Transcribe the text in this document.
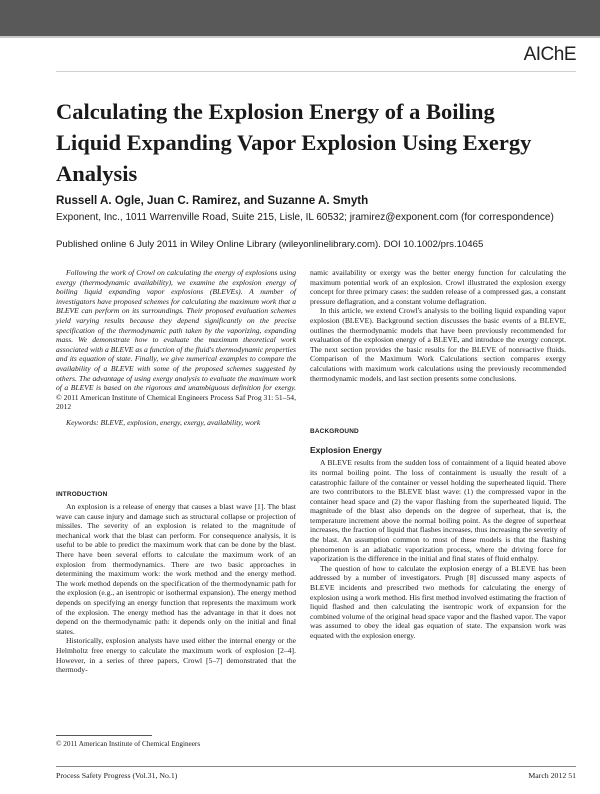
AIChE
Calculating the Explosion Energy of a Boiling Liquid Expanding Vapor Explosion Using Exergy Analysis
Russell A. Ogle, Juan C. Ramirez, and Suzanne A. Smyth
Exponent, Inc., 1011 Warrenville Road, Suite 215, Lisle, IL 60532; jramirez@exponent.com (for correspondence)
Published online 6 July 2011 in Wiley Online Library (wileyonlinelibrary.com). DOI 10.1002/prs.10465

Following the work of Crowl on calculating the energy of explosions using exergy (thermodynamic availability), we examine the explosion energy of boiling liquid expanding vapor explosions (BLEVEs). A number of investigators have proposed schemes for calculating the maximum work that a BLEVE can perform on its surroundings. Their proposed evaluation schemes yield varying results because they depend significantly on the precise specification of the thermodynamic path taken by the vaporizing, expanding mass. We demonstrate how to evaluate the maximum theoretical work associated with a BLEVE as a function of the fluid's thermodynamic properties and its equation of state. Finally, we give numerical examples to compare the availability of a BLEVE with some of the proposed schemes suggested by others. The advantage of using exergy analysis to evaluate the maximum work of a BLEVE is based on the rigorous and unambiguous definition for exergy. © 2011 American Institute of Chemical Engineers Process Saf Prog 31: 51–54, 2012

Keywords: BLEVE, explosion, energy, exergy, availability, work

INTRODUCTION

An explosion is a release of energy that causes a blast wave [1]. The blast wave can cause injury and damage such as structural collapse or projection of missiles. The severity of an explosion is related to the magnitude of mechanical work that the blast can perform. For consequence analysis, it is useful to be able to predict the maximum work that can be done by the blast. There have been several efforts to calculate the maximum work of an explosion from thermodynamics. There are two basic approaches in determining the maximum work: the work method and the energy method. The work method depends on the specification of the thermodynamic path for the explosion (e.g., an isentropic or isothermal expansion). The energy method depends on specifying an energy function that represents the maximum work of the explosion. The energy method has the advantage in that it does not depend on the thermodynamic path: it depends only on the initial and final states.

Historically, explosion analysts have used either the internal energy or the Helmholtz free energy to calculate the maximum work of explosion [2–4]. However, in a series of three papers, Crowl [5–7] demonstrated that the thermody-

namic availability or exergy was the better energy function for calculating the maximum potential work of an explosion. Crowl illustrated the explosion exergy concept for three primary cases: the sudden release of a compressed gas, a constant pressure deflagration, and a constant volume deflagration.

In this article, we extend Crowl's analysis to the boiling liquid expanding vapor explosion (BLEVE). Background section discusses the basic events of a BLEVE, outlines the thermodynamic models that have been previously recommended for evaluation of the explosion energy of a BLEVE, and introduce the exergy concept. The next section provides the basic results for the BLEVE of nonreactive fluids. Comparison of the Maximum Work Calculations section compares exergy calculations with maximum work calculations using the previously recommended thermodynamic models, and last section presents some conclusions.

BACKGROUND
Explosion Energy

A BLEVE results from the sudden loss of containment of a liquid heated above its normal boiling point. The loss of containment is usually the result of a catastrophic failure of the container or vessel holding the superheated liquid. There are two contributors to the BLEVE blast wave: (1) the compressed vapor in the container head space and (2) the vapor flashing from the superheated liquid. The magnitude of the blast also depends on the degree of superheat, that is, the temperature increment above the normal boiling point. As the degree of superheat increases, the fraction of liquid that flashes increases, thus increasing the severity of the blast. An assumption common to most of these models is that the flashing phenomenon is an adiabatic vaporization process, where the driving force for vaporization is the difference in the initial and final states of fluid enthalpy.

The question of how to calculate the explosion energy of a BLEVE has been addressed by a number of investigators. Prugh [8] discussed many aspects of BLEVE incidents and prescribed two methods for calculating the energy of explosion using a work method. His first method involved estimating the fraction of liquid flashed and then calculating the isentropic work of expansion for the combined volume of the original head space vapor and the flashed vapor. The vapor was assumed to obey the ideal gas equation of state. The expansion work was equated with the explosion energy.

© 2011 American Institute of Chemical Engineers
Process Safety Progress (Vol.31, No.1)	March 2012 51
